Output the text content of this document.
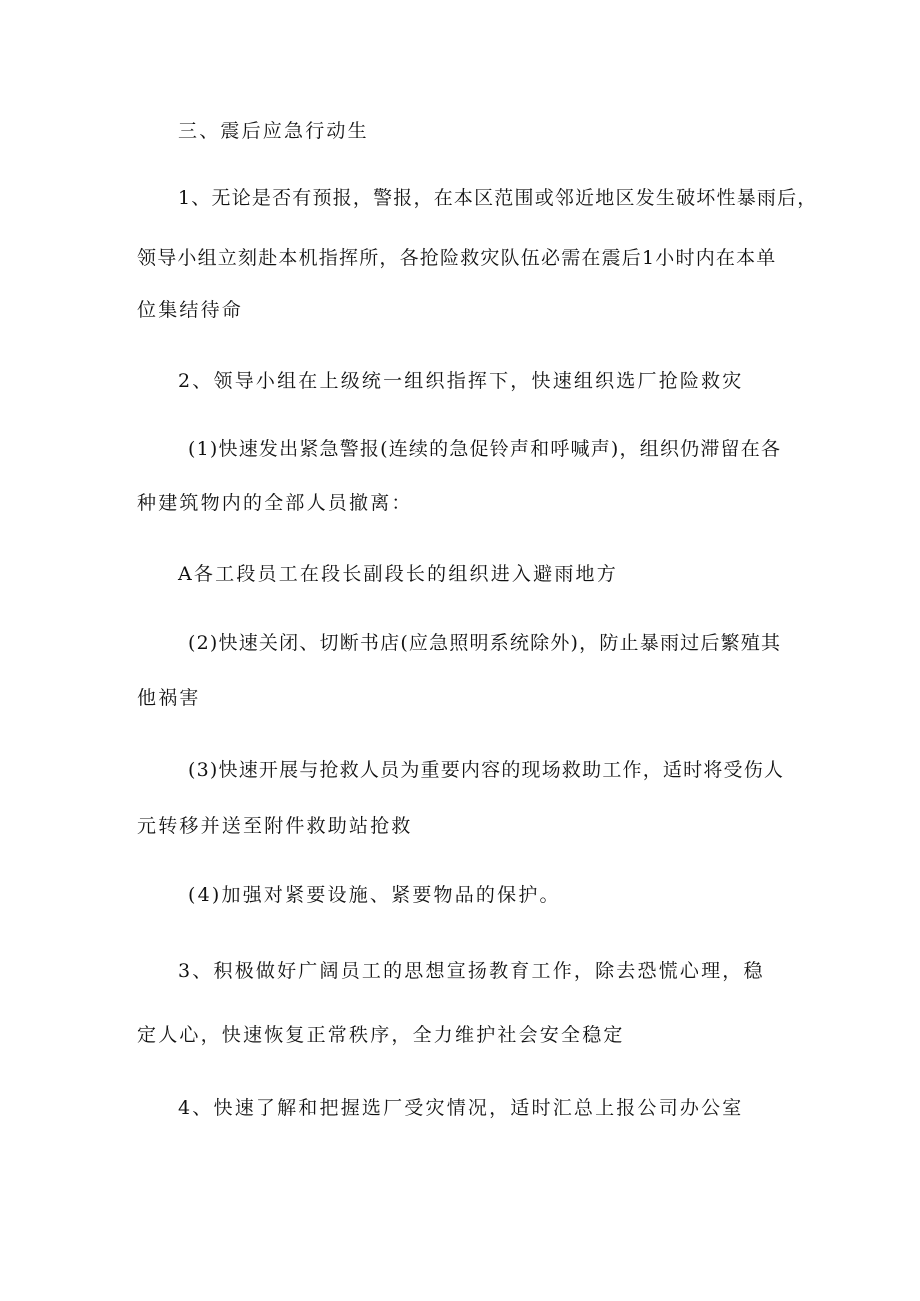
三、震后应急行动生

1、无论是否有预报，警报，在本区范围或邻近地区发生破坏性暴雨后，

领导小组立刻赴本机指挥所，各抢险救灾队伍必需在震后1小时内在本单

位集结待命

2、领导小组在上级统一组织指挥下，快速组织选厂抢险救灾

(1)快速发出紧急警报(连续的急促铃声和呼喊声)，组织仍滞留在各

种建筑物内的全部人员撤离：

A各工段员工在段长副段长的组织进入避雨地方

(2)快速关闭、切断书店(应急照明系统除外)，防止暴雨过后繁殖其

他祸害

(3)快速开展与抢救人员为重要内容的现场救助工作，适时将受伤人

元转移并送至附件救助站抢救

(4)加强对紧要设施、紧要物品的保护。

3、积极做好广阔员工的思想宣扬教育工作，除去恐慌心理，稳

定人心，快速恢复正常秩序，全力维护社会安全稳定

4、快速了解和把握选厂受灾情况，适时汇总上报公司办公室
